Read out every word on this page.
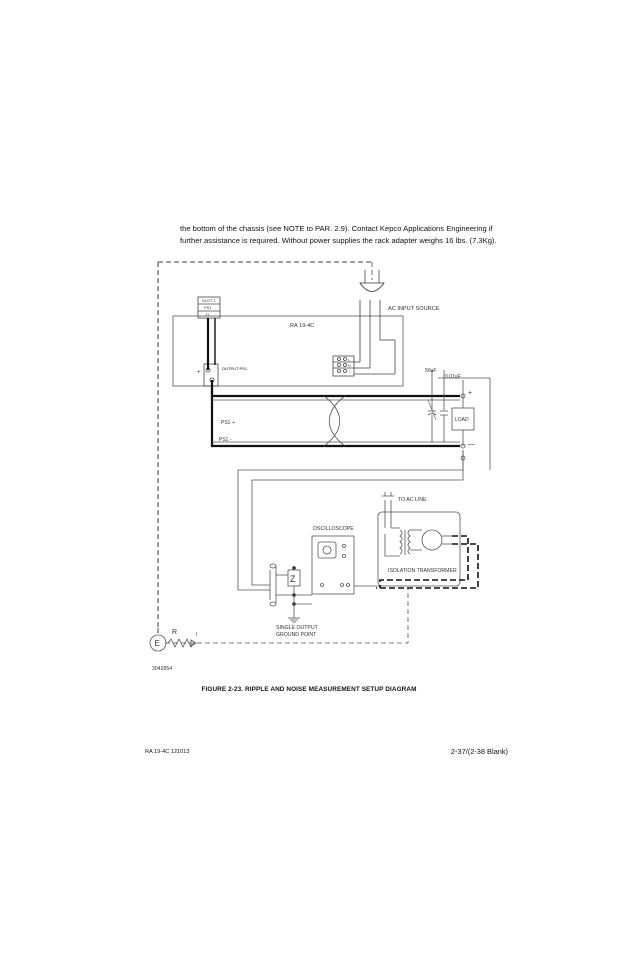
the bottom of the chassis (see NOTE to PAR. 2.9). Contact Kepco Applications Engineering if
further assistance is required. Without power supplies the rack adapter weighs 16 lbs. (7.3Kg).

SLOT 1
PS1
J1
AC INPUT SOURCE
RA 19-4C
L
N
⏚
OUTPUT PS1
+
PS1 +
PS1 -
50uF
0.01uF
LOAD
+
—
TO AC LINE
OSCILLOSCOPE
ISOLATION TRANSFORMER
SINGLE OUTPUT
GROUND POINT
R	I
E
Z
3042854
FIGURE 2-23. RIPPLE AND NOISE MEASUREMENT SETUP DIAGRAM
RA 19-4C 121013	2-37/(2-38 Blank)
